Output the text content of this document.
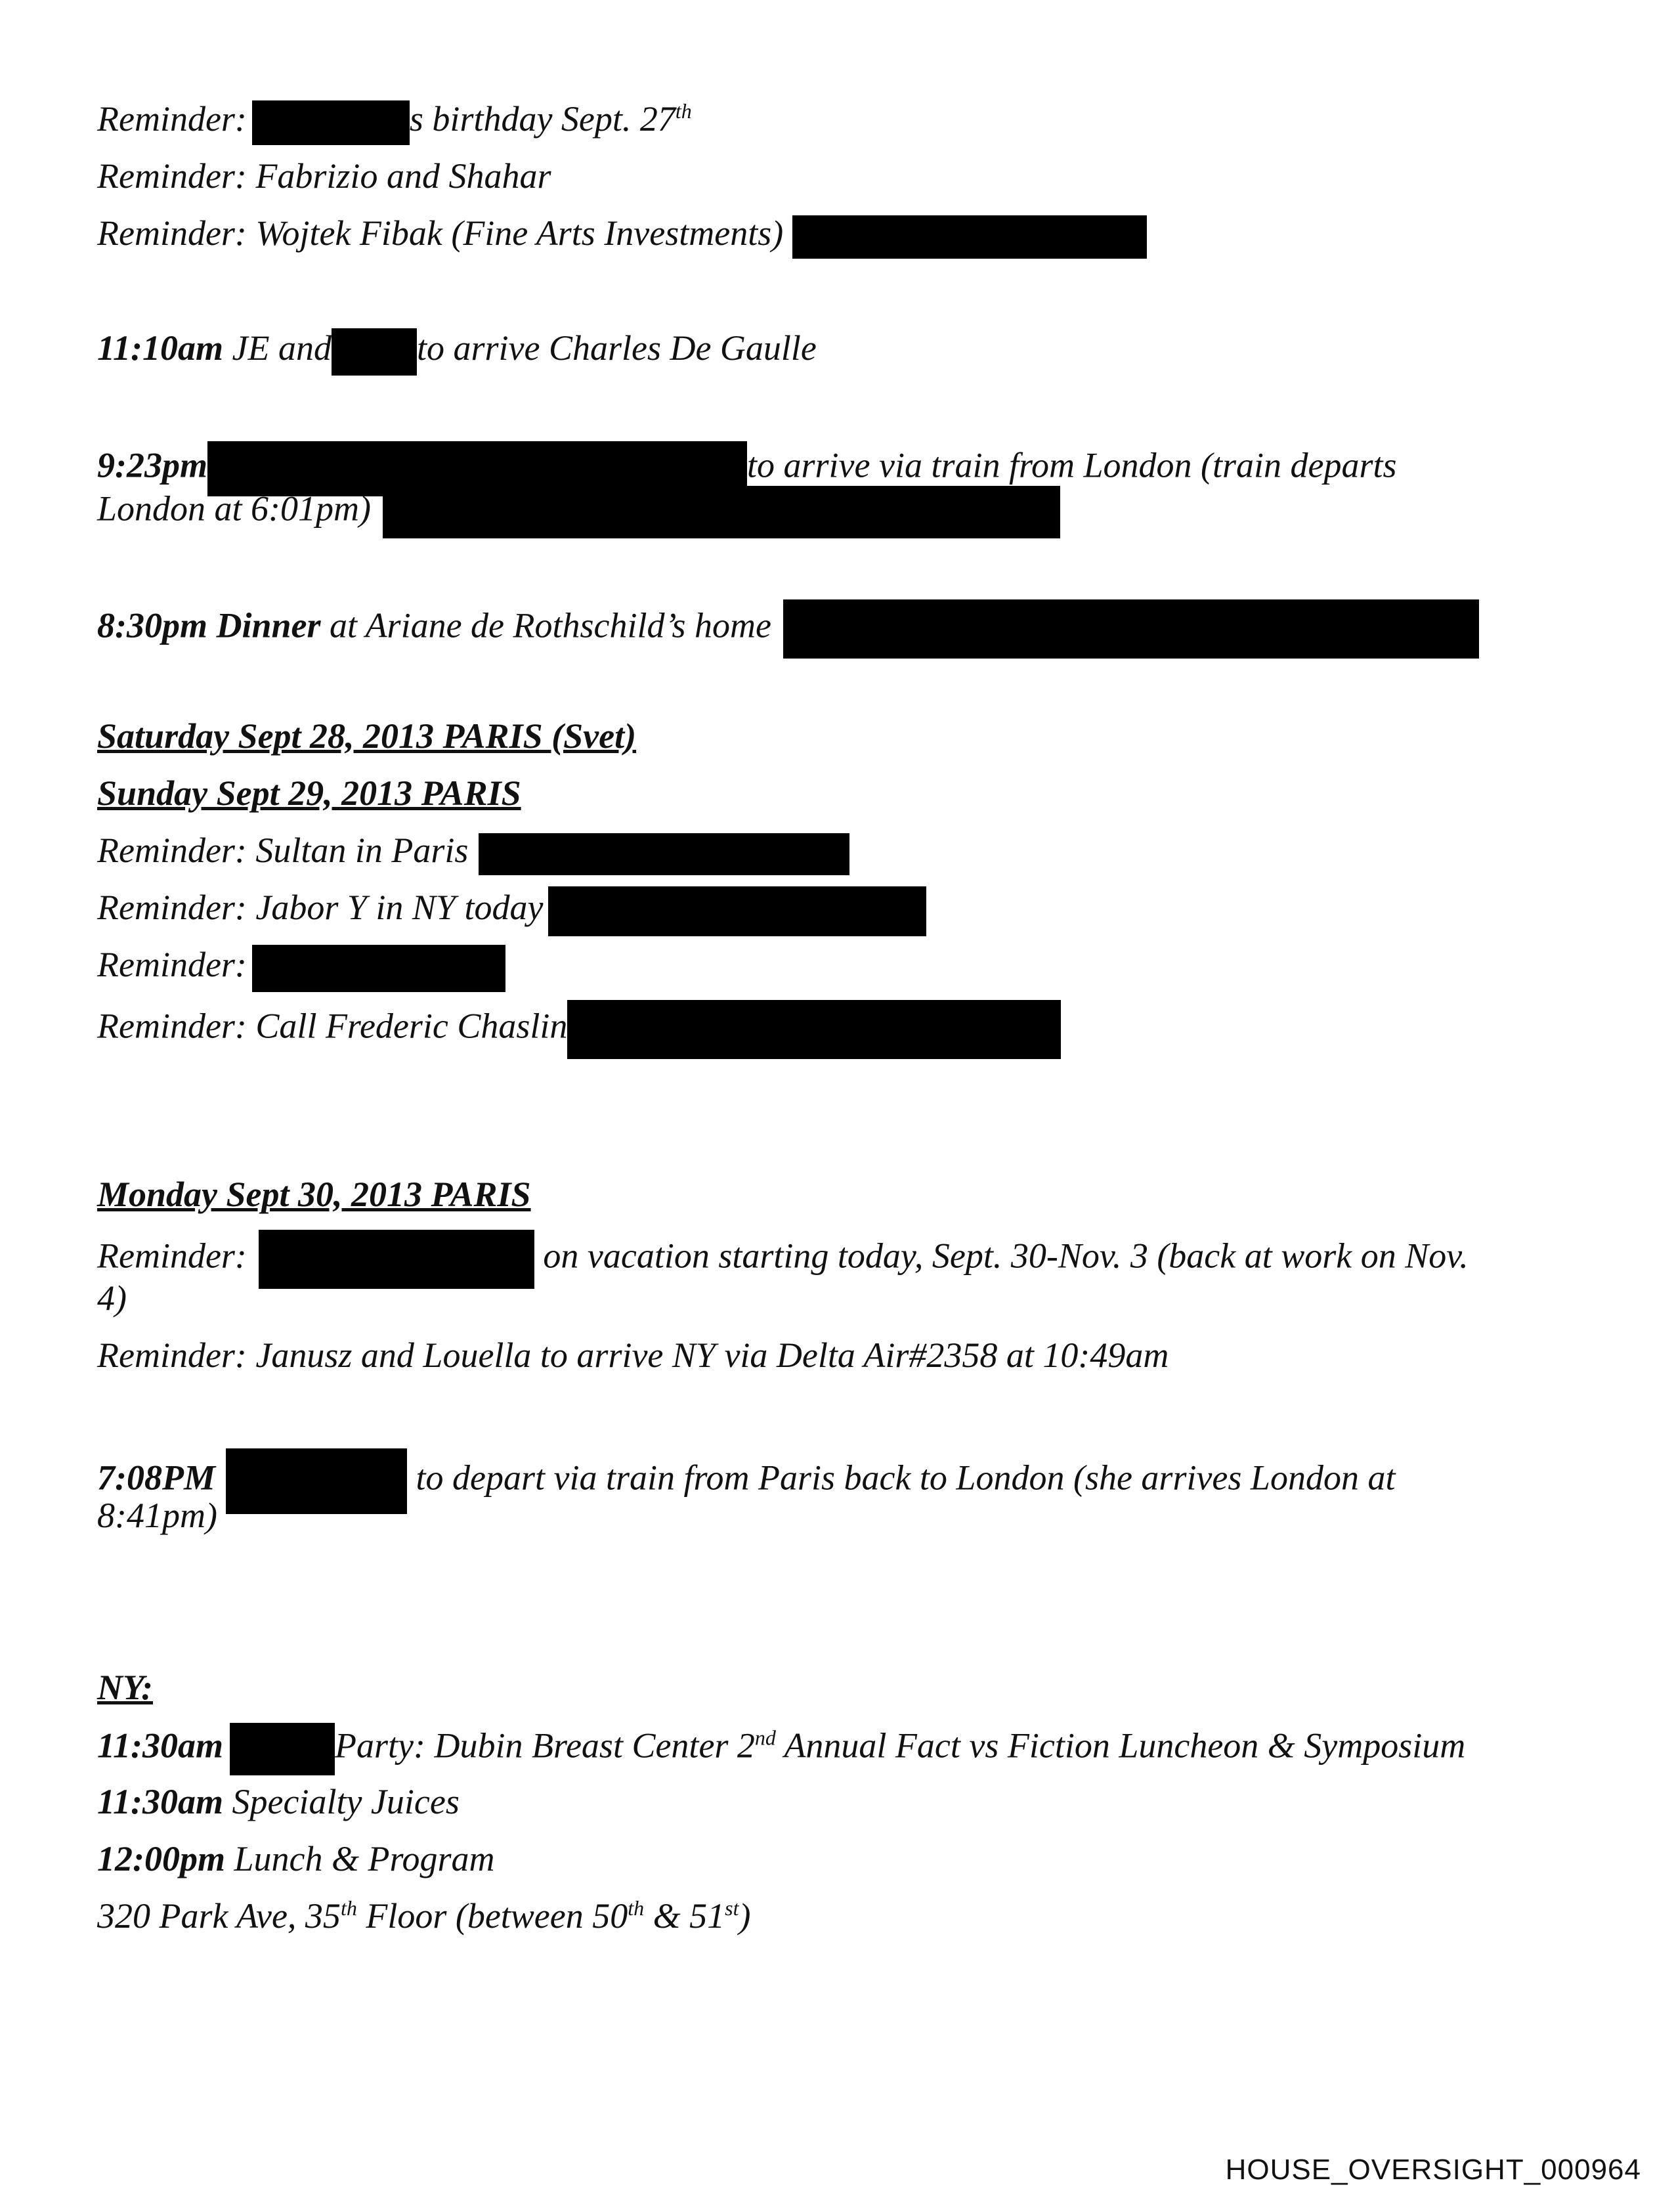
Reminder:	s birthday Sept. 27th
Reminder: Fabrizio and Shahar
Reminder: Wojtek Fibak (Fine Arts Investments)
11:10am JE and to arrive Charles De Gaulle
9:23pm	to arrive via train from London (train departs
London at 6:01pm)
8:30pm Dinner at Ariane de Rothschild’s home
Saturday Sept 28, 2013 PARIS (Svet)
Sunday Sept 29, 2013 PARIS
Reminder: Sultan in Paris
Reminder: Jabor Y in NY today
Reminder:
Reminder: Call Frederic Chaslin
Monday Sept 30, 2013 PARIS
Reminder:	on vacation starting today, Sept. 30-Nov. 3 (back at work on Nov.
4)
Reminder: Janusz and Louella to arrive NY via Delta Air#2358 at 10:49am
7:08PM	to depart via train from Paris back to London (she arrives London at
8:41pm)
NY:
11:30am	Party: Dubin Breast Center 2nd Annual Fact vs Fiction Luncheon & Symposium
11:30am Specialty Juices
12:00pm Lunch & Program
320 Park Ave, 35th Floor (between 50th & 51st)
HOUSE_OVERSIGHT_000964
